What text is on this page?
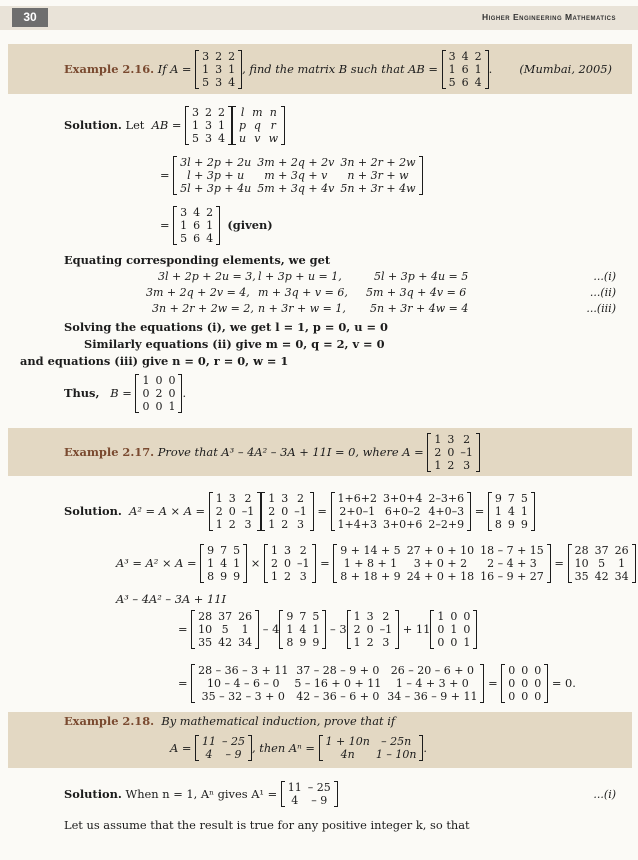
30	Higher Engineering Mathematics
Example 2.16.
If A =

3	2	2
1	3	1
5	3	4
, find the matrix B such that AB =

3	4	2
1	6	1
5	6	4
. (Mumbai, 2005)
Solution.
Let
AB =

3	2	2
1	3	1
5	3	4
l	m	n
p	q	r
u	v	w
=

3l + 2p + 2u	3m + 2q + 2v	3n + 2r + 2w
l + 3p + u	m + 3q + v	n + 3r + w
5l + 3p + 4u	5m + 3q + 4v	5n + 3r + 4w
=

3	4	2
1	6	1
5	6	4

(given)
Equating corresponding elements, we get
3l + 2p + 2u = 3, l + 3p + u = 1,	5l + 3p + 4u = 5	...(i)
3m + 2q + 2v = 4, m + 3q + v = 6, 5m + 3q + 4v = 6	...(ii)
3n + 2r + 2w = 2, n + 3r + w = 1, 5n + 3r + 4w = 4	...(iii)
Solving the equations (i), we get l = 1, p = 0, u = 0
Similarly equations (ii) give m = 0, q = 2, v = 0
and equations (iii) give n = 0, r = 0, w = 1
Thus,
B =

1	0	0
0	2	0
0	0	1
.
Example 2.17.
Prove that A³ – 4A² – 3A + 11I = 0, where A =

1	3	2
2	0	–1
1	2	3
Solution.
A² = A × A =

1	3	2
2	0	–1
1	2	3
1	3	2
2	0	–1
1	2	3
=
1+6+2	3+0+4	2–3+6
2+0–1	6+0–2	4+0–3
1+4+3	3+0+6	2–2+9
=
9	7	5
1	4	1
8	9	9
A³ = A² × A =

9	7	5
1	4	1
8	9	9

×

1	3	2
2	0	–1
1	2	3
=
9 + 14 + 5	27 + 0 + 10	18 – 7 + 15
1 + 8 + 1	3 + 0 + 2	2 – 4 + 3
8 + 18 + 9	24 + 0 + 18	16 – 9 + 27
=
28	37	26
10	5	1
35	42	34
A³ – 4A² – 3A + 11I
=
28	37	26
10	5	1
35	42	34

– 4
9	7	5
1	4	1
8	9	9

– 3
1	3	2
2	0	–1
1	2	3

+ 11
1	0	0
0	1	0
0	0	1
=
28 – 36 – 3 + 11	37 – 28 – 9 + 0	26 – 20 – 6 + 0
10 – 4 – 6 – 0	5 – 16 + 0 + 11	1 – 4 + 3 + 0
35 – 32 – 3 + 0	42 – 36 – 6 + 0	34 – 36 – 9 + 11
=
0	0	0
0	0	0
0	0	0

= 0.
Example 2.18. By mathematical induction, prove that if
A =
11	– 25
4	– 9 , then Aⁿ =
1 + 10n	– 25n
4n	1 – 10n .
Solution.
When n = 1, Aⁿ gives A¹ =
11	– 25
4	– 9	...(i)
Let us assume that the result is true for any positive integer k, so that
